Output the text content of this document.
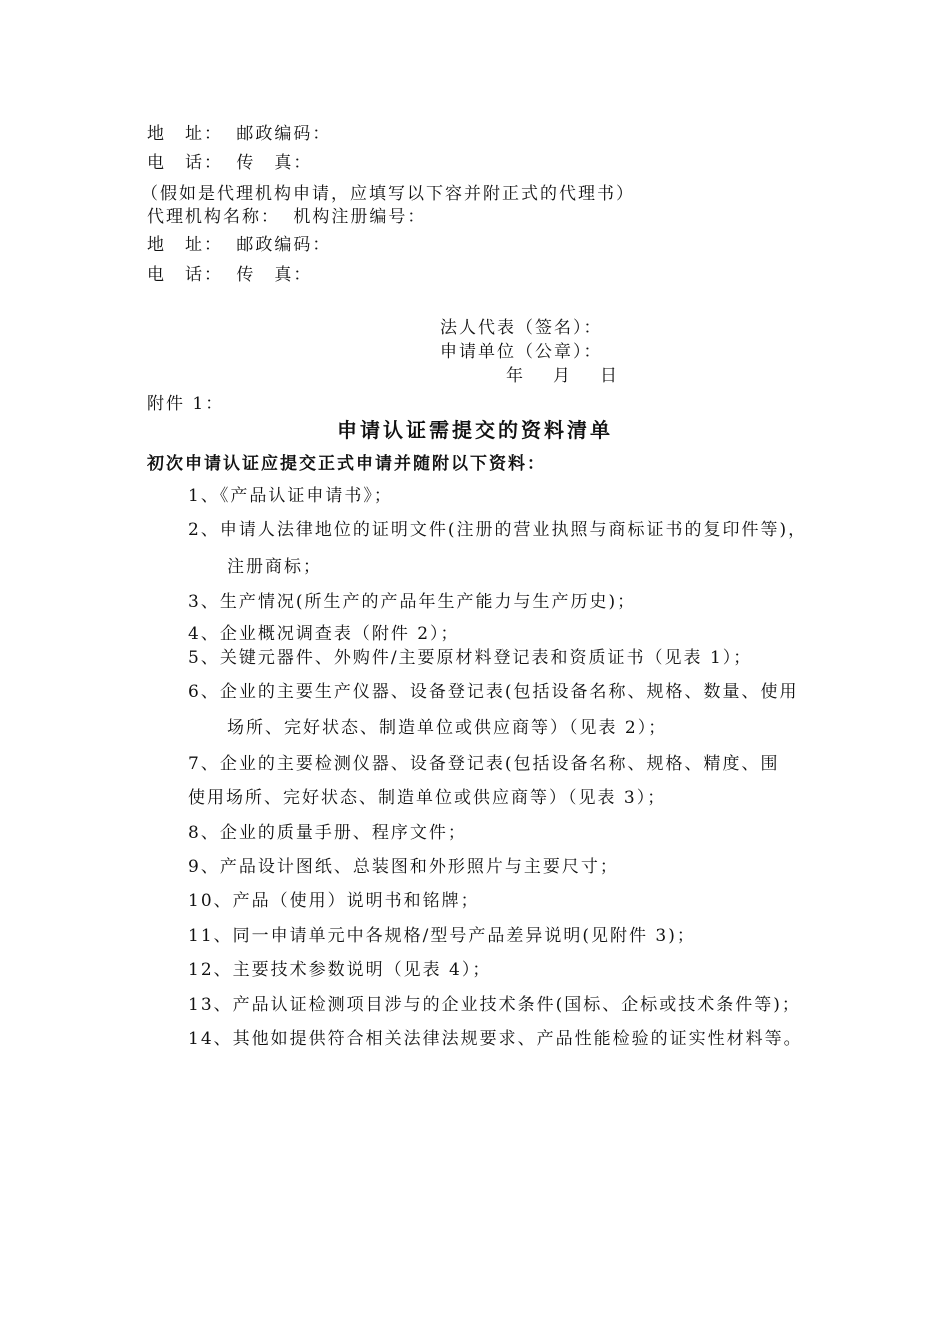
地　址： 邮政编码：
电　话： 传　真：
（假如是代理机构申请，应填写以下容并附正式的代理书）
代理机构名称： 机构注册编号：
地　址： 邮政编码：
电　话： 传　真：
法人代表（签名）：
申请单位（公章）：
年 月 日
附件 1：
申请认证需提交的资料清单
初次申请认证应提交正式申请并随附以下资料：
1、《产品认证申请书》；
2、申请人法律地位的证明文件(注册的营业执照与商标证书的复印件等)，
注册商标；
3、生产情况(所生产的产品年生产能力与生产历史)；
4、企业概况调查表（附件 2）；
5、关键元器件、外购件/主要原材料登记表和资质证书（见表 1）；
6、企业的主要生产仪器、设备登记表(包括设备名称、规格、数量、使用
场所、完好状态、制造单位或供应商等）（见表 2）；
7、企业的主要检测仪器、设备登记表(包括设备名称、规格、精度、围
使用场所、完好状态、制造单位或供应商等）（见表 3）；
8、企业的质量手册、程序文件；
9、产品设计图纸、总装图和外形照片与主要尺寸；
10、产品（使用）说明书和铭牌；
11、同一申请单元中各规格/型号产品差异说明(见附件 3)；
12、主要技术参数说明（见表 4）；
13、产品认证检测项目涉与的企业技术条件(国标、企标或技术条件等)；
14、其他如提供符合相关法律法规要求、产品性能检验的证实性材料等。
